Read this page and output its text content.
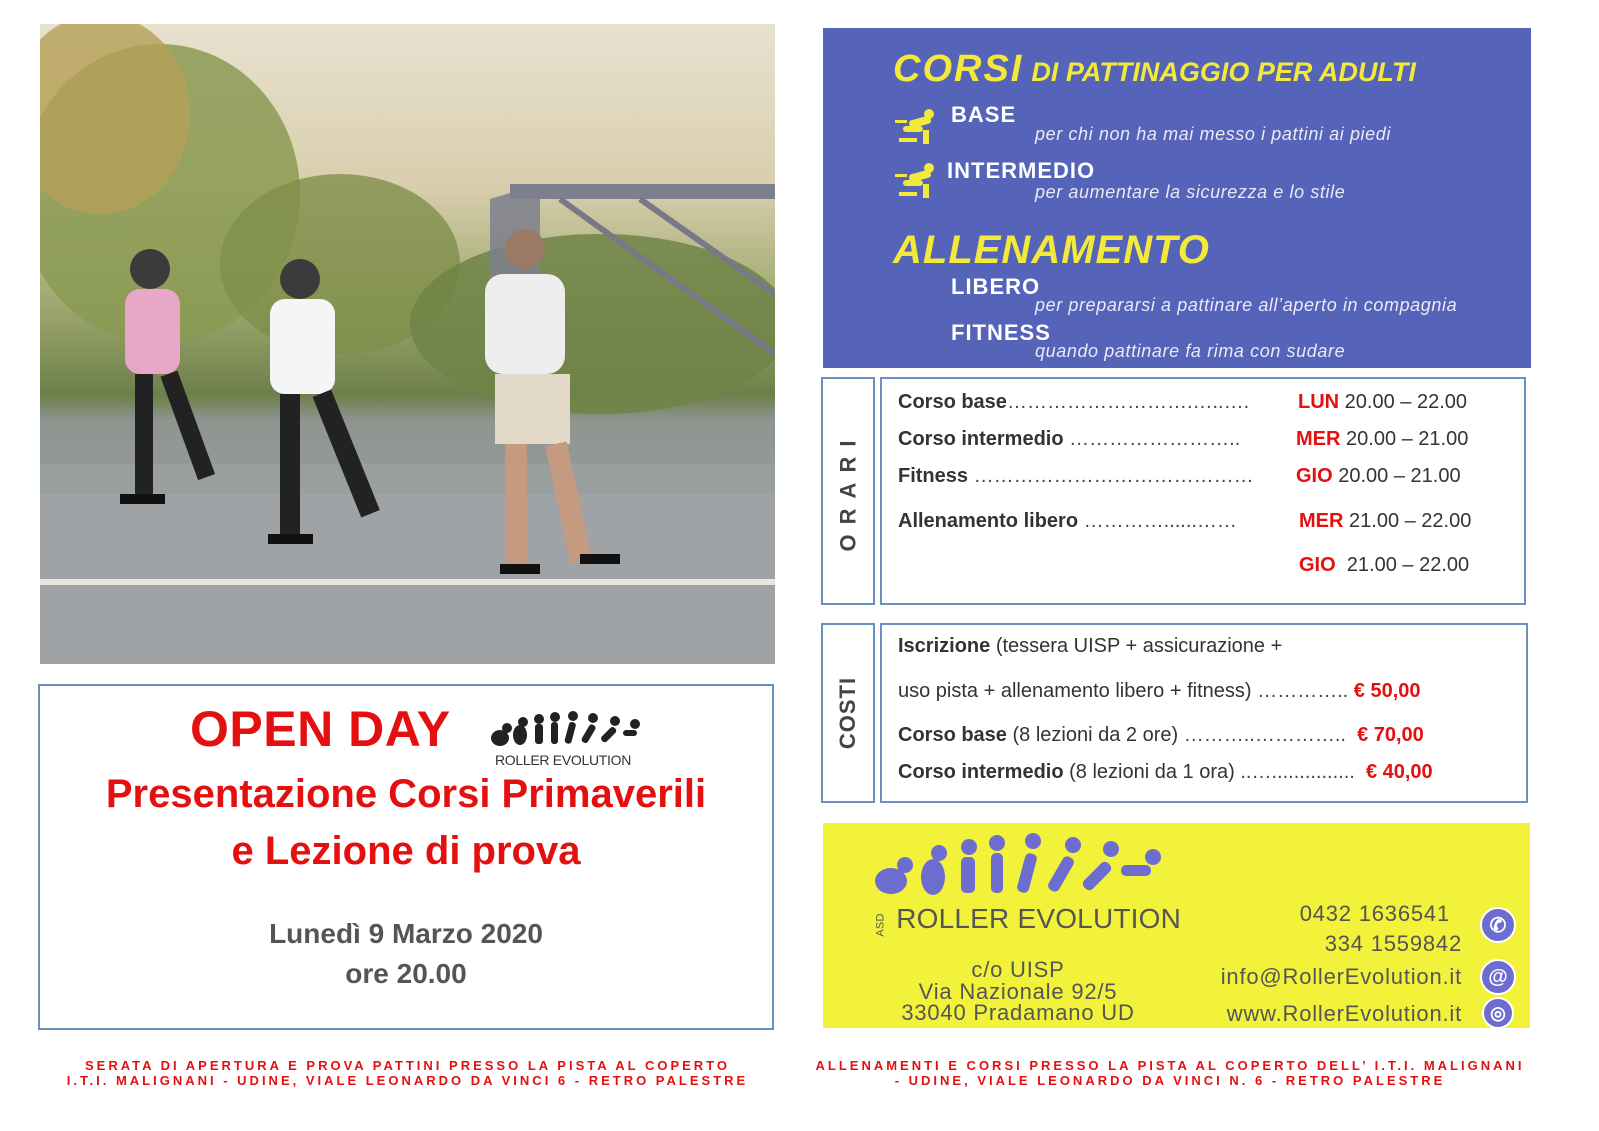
OPEN DAY
ROLLER EVOLUTION
Presentazione Corsi Primaverili
e Lezione di prova
Lunedì 9 Marzo 2020
ore 20.00
CORSI DI PATTINAGGIO PER ADULTI
BASE
per chi non ha mai messo i pattini ai piedi
INTERMEDIO
per aumentare la sicurezza e lo stile
ALLENAMENTO
LIBERO
per prepararsi a pattinare all’aperto in compagnia
FITNESS
quando pattinare fa rima con sudare
ORARI
Corso base……………………….…..…. LUN 20.00 – 22.00
Corso intermedio ……………………..	MER 20.00 – 21.00
Fitness …………………………………… GIO 20.00 – 21.00
Allenamento libero …………......……	MER 21.00 – 22.00
GIO 21.00 – 22.00
COSTI
Iscrizione (tessera UISP + assicurazione +
uso pista + allenamento libero + fitness) ………….. € 50,00
Corso base (8 lezioni da 2 ore) ………..………….. € 70,00
Corso intermedio (8 lezioni da 1 ora) ..…............... € 40,00
ASD ROLLER EVOLUTION
c/o UISP
Via Nazionale 92/5
33040 Pradamano UD
0432 1636541
334 1559842
✆
info@RollerEvolution.it	@
www.RollerEvolution.it	◎
SERATA DI APERTURA E PROVA PATTINI PRESSO LA PISTA AL COPERTO
I.T.I. MALIGNANI - UDINE, VIALE LEONARDO DA VINCI 6 - RETRO PALESTRE
ALLENAMENTI E CORSI PRESSO LA PISTA AL COPERTO DELL’ I.T.I. MALIGNANI
- UDINE, VIALE LEONARDO DA VINCI N. 6 - RETRO PALESTRE
